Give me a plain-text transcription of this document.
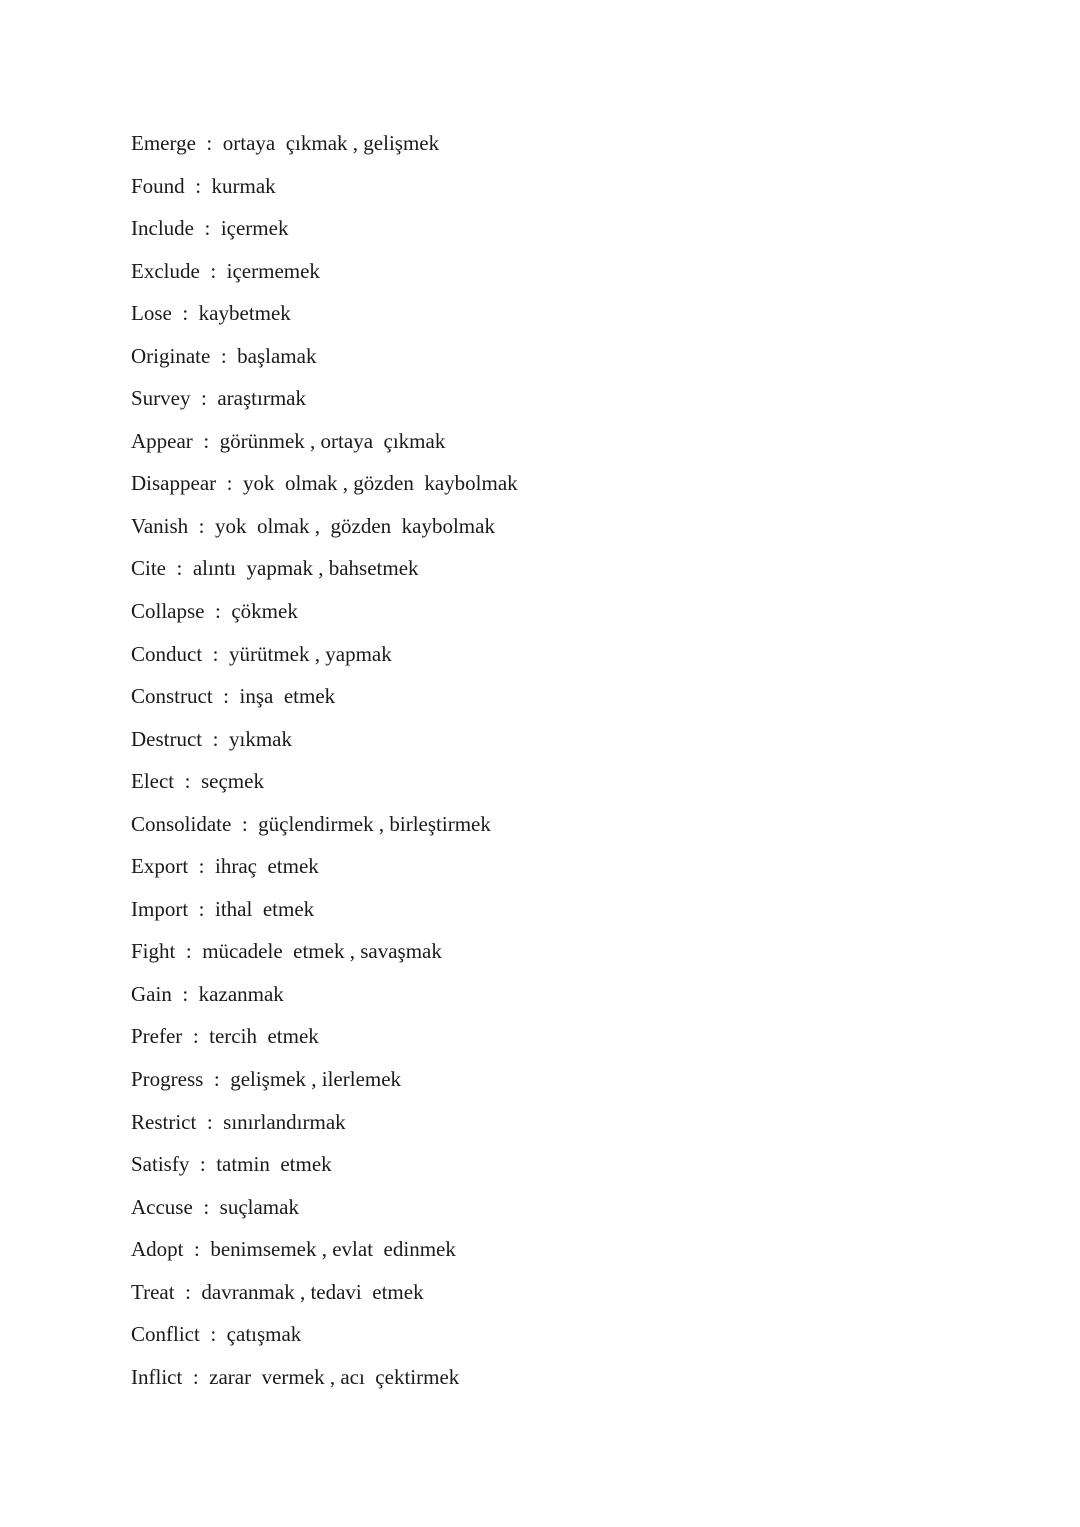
Emerge  :  ortaya  çıkmak , gelişmek
Found  :  kurmak
Include  :  içermek
Exclude  :  içermemek
Lose  :  kaybetmek
Originate  :  başlamak
Survey  :  araştırmak
Appear  :  görünmek , ortaya  çıkmak
Disappear  :  yok  olmak , gözden  kaybolmak
Vanish  :  yok  olmak ,  gözden  kaybolmak
Cite  :  alıntı  yapmak , bahsetmek
Collapse  :  çökmek
Conduct  :  yürütmek , yapmak
Construct  :  inşa  etmek
Destruct  :  yıkmak
Elect  :  seçmek
Consolidate  :  güçlendirmek , birleştirmek
Export  :  ihraç  etmek
Import  :  ithal  etmek
Fight  :  mücadele  etmek , savaşmak
Gain  :  kazanmak
Prefer  :  tercih  etmek
Progress  :  gelişmek , ilerlemek
Restrict  :  sınırlandırmak
Satisfy  :  tatmin  etmek
Accuse  :  suçlamak
Adopt  :  benimsemek , evlat  edinmek
Treat  :  davranmak , tedavi  etmek
Conflict  :  çatışmak
Inflict  :  zarar  vermek , acı  çektirmek
